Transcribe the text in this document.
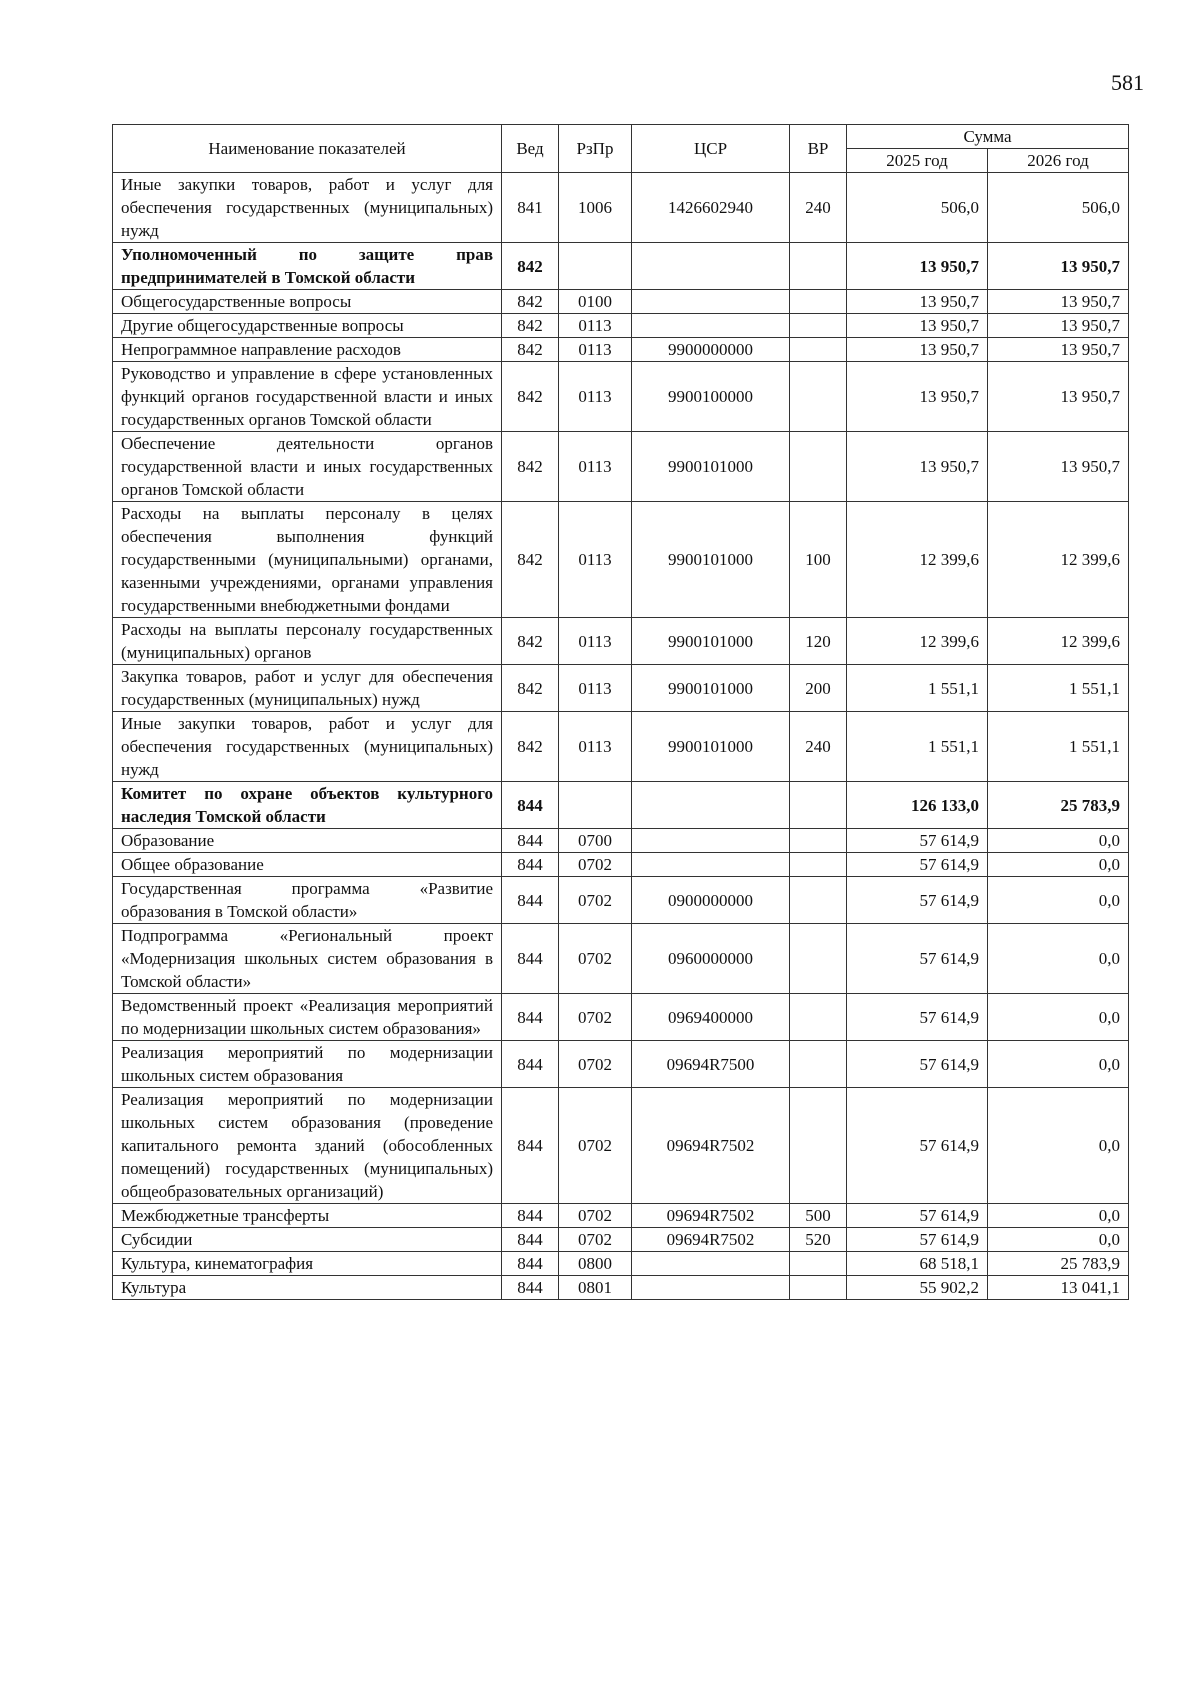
581
Наименование показателей	Вед	РзПр	ЦСР	ВР	Сумма	
					2025 год	2026 год
Иные закупки товаров, работ и услуг для обеспечения государственных (муниципальных) нужд	841	1006	1426602940	240	506,0	506,0
Уполномоченный по защите прав предпринимателей в Томской области	842				13 950,7	13 950,7
Общегосударственные вопросы	842	0100			13 950,7	13 950,7
Другие общегосударственные вопросы	842	0113			13 950,7	13 950,7
Непрограммное направление расходов	842	0113	9900000000		13 950,7	13 950,7
Руководство и управление в сфере установленных функций органов государственной власти и иных государственных органов Томской области	842	0113	9900100000		13 950,7	13 950,7
Обеспечение деятельности органов государственной власти и иных государственных органов Томской области	842	0113	9900101000		13 950,7	13 950,7
Расходы на выплаты персоналу в целях обеспечения выполнения функций государственными (муниципальными) органами, казенными учреждениями, органами управления государственными внебюджетными фондами	842	0113	9900101000	100	12 399,6	12 399,6
Расходы на выплаты персоналу государственных (муниципальных) органов	842	0113	9900101000	120	12 399,6	12 399,6
Закупка товаров, работ и услуг для обеспечения государственных (муниципальных) нужд	842	0113	9900101000	200	1 551,1	1 551,1
Иные закупки товаров, работ и услуг для обеспечения государственных (муниципальных) нужд	842	0113	9900101000	240	1 551,1	1 551,1
Комитет по охране объектов культурного наследия Томской области	844				126 133,0	25 783,9
Образование	844	0700			57 614,9	0,0
Общее образование	844	0702			57 614,9	0,0
Государственная программа «Развитие образования в Томской области»	844	0702	0900000000		57 614,9	0,0
Подпрограмма «Региональный проект «Модернизация школьных систем образования в Томской области»	844	0702	0960000000		57 614,9	0,0
Ведомственный проект «Реализация мероприятий по модернизации школьных систем образования»	844	0702	0969400000		57 614,9	0,0
Реализация мероприятий по модернизации школьных систем образования	844	0702	09694R7500		57 614,9	0,0
Реализация мероприятий по модернизации школьных систем образования (проведение капитального ремонта зданий (обособленных помещений) государственных (муниципальных) общеобразовательных организаций)	844	0702	09694R7502		57 614,9	0,0
Межбюджетные трансферты	844	0702	09694R7502	500	57 614,9	0,0
Субсидии	844	0702	09694R7502	520	57 614,9	0,0
Культура, кинематография	844	0800			68 518,1	25 783,9
Культура	844	0801			55 902,2	13 041,1
